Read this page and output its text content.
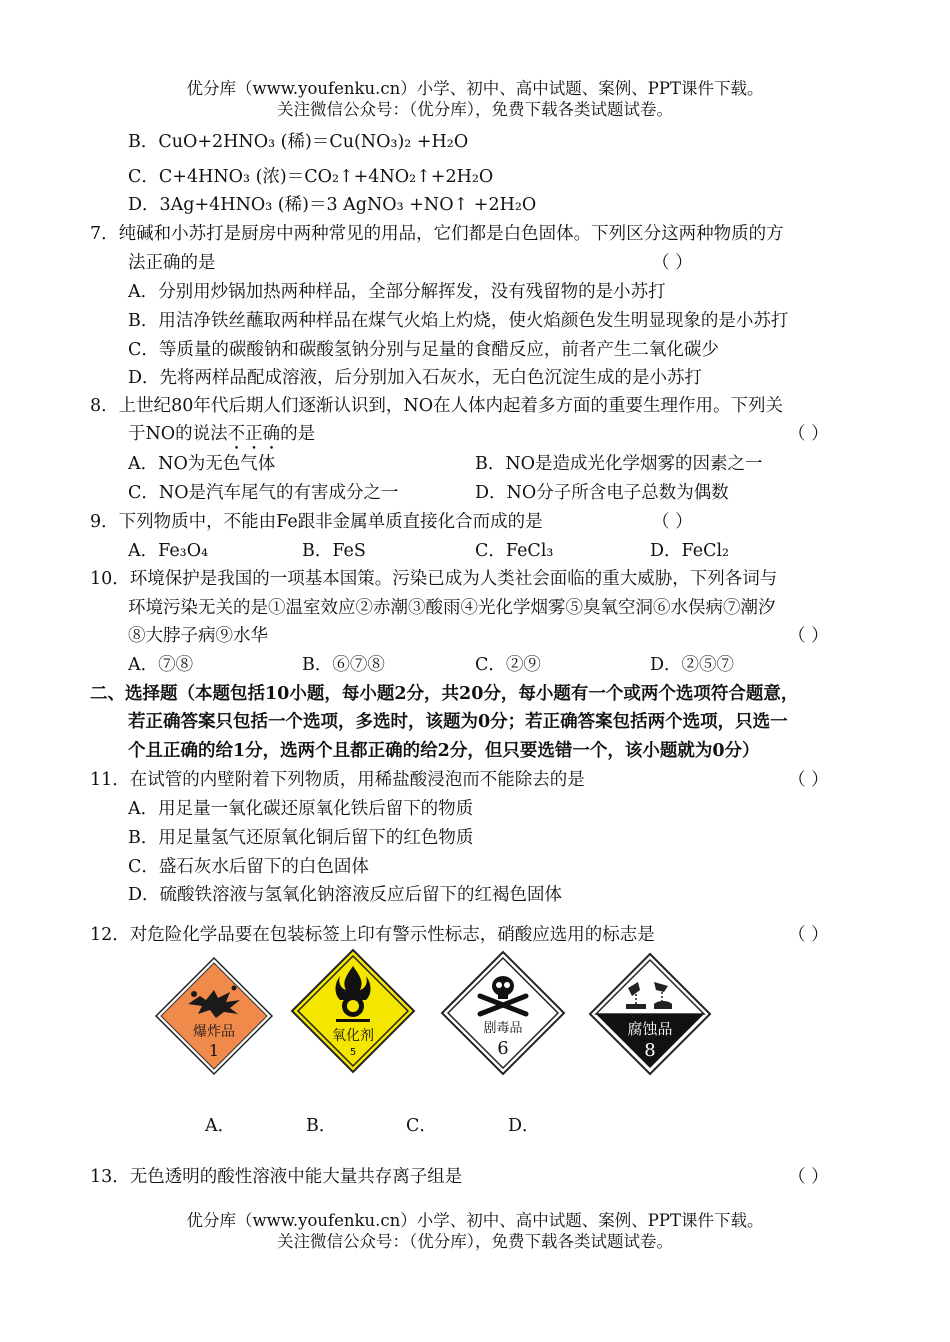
优分库（www.youfenku.cn）小学、初中、高中试题、案例、PPT课件下载。
关注微信公众号：（优分库），免费下载各类试题试卷。
B．CuO+2HNO₃ (稀)＝Cu(NO₃)₂ +H₂O
C．C+4HNO₃ (浓)＝CO₂↑+4NO₂↑+2H₂O
D．3Ag+4HNO₃ (稀)＝3 AgNO₃ +NO↑ +2H₂O
7．纯碱和小苏打是厨房中两种常见的用品，它们都是白色固体。下列区分这两种物质的方
法正确的是	（ ）
A．分别用炒锅加热两种样品，全部分解挥发，没有残留物的是小苏打
B．用洁净铁丝蘸取两种样品在煤气火焰上灼烧，使火焰颜色发生明显现象的是小苏打
C．等质量的碳酸钠和碳酸氢钠分别与足量的食醋反应，前者产生二氧化碳少
D．先将两样品配成溶液，后分别加入石灰水，无白色沉淀生成的是小苏打
8．上世纪80年代后期人们逐渐认识到，NO在人体内起着多方面的重要生理作用。下列关
于NO的说法不正确的是	（ ）
A．NO为无色气体	B．NO是造成光化学烟雾的因素之一
C．NO是汽车尾气的有害成分之一	D．NO分子所含电子总数为偶数
9．下列物质中，不能由Fe跟非金属单质直接化合而成的是	（ ）
A．Fe₃O₄	B．FeS	C．FeCl₃	D．FeCl₂
10．环境保护是我国的一项基本国策。污染已成为人类社会面临的重大威胁，下列各词与
环境污染无关的是①温室效应②赤潮③酸雨④光化学烟雾⑤臭氧空洞⑥水俣病⑦潮汐
⑧大脖子病⑨水华	（ ）
A．⑦⑧	B．⑥⑦⑧	C．②⑨	D．②⑤⑦
二、选择题（本题包括10小题，每小题2分，共20分，每小题有一个或两个选项符合题意，
若正确答案只包括一个选项，多选时，该题为0分；若正确答案包括两个选项，只选一
个且正确的给1分，选两个且都正确的给2分，但只要选错一个，该小题就为0分）
11．在试管的内壁附着下列物质，用稀盐酸浸泡而不能除去的是	（ ）
A．用足量一氧化碳还原氧化铁后留下的物质
B．用足量氢气还原氧化铜后留下的红色物质
C．盛石灰水后留下的白色固体
D．硫酸铁溶液与氢氧化钠溶液反应后留下的红褐色固体
12．对危险化学品要在包装标签上印有警示性标志，硝酸应选用的标志是	（ ）
爆炸品
1
氧化剂
5
剧毒品
6
腐蚀品
8
A．	B．	C．	D．
13．无色透明的酸性溶液中能大量共存离子组是	（ ）
优分库（www.youfenku.cn）小学、初中、高中试题、案例、PPT课件下载。
关注微信公众号：（优分库），免费下载各类试题试卷。
